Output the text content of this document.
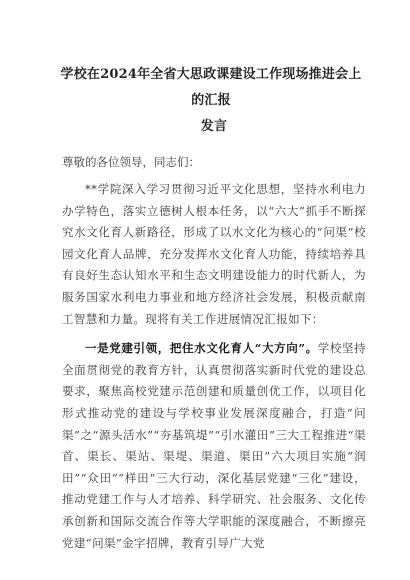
学校在2024年全省大思政课建设工作现场推进会上的汇报
发言

尊敬的各位领导，同志们：

**学院深入学习贯彻习近平文化思想，坚持水利电力办学特色，落实立德树人根本任务，以“六大”抓手不断探究水文化育人新路径，形成了以水文化为核心的“问渠”校园文化育人品牌，充分发挥水文化育人功能，持续培养具有良好生态认知水平和生态文明建设能力的时代新人，为服务国家水利电力事业和地方经济社会发展，积极贡献南工智慧和力量。现将有关工作进展情况汇报如下：

一是党建引领，把住水文化育人“大方向”。学校坚持全面贯彻党的教育方针，认真贯彻落实新时代党的建设总要求，聚焦高校党建示范创建和质量创优工作，以项目化形式推动党的建设与学校事业发展深度融合，打造“问渠”之“源头活水”“夯基筑堤”“引水灌田”三大工程推进“渠首、渠长、渠站、渠堤、渠道、渠田”六大项目实施“润田”“众田”“样田”三大行动，深化基层党建“三化”建设，推动党建工作与人才培养、科学研究、社会服务、文化传承创新和国际交流合作等大学职能的深度融合，不断擦亮党建“问渠”金字招牌，教育引导广大党
